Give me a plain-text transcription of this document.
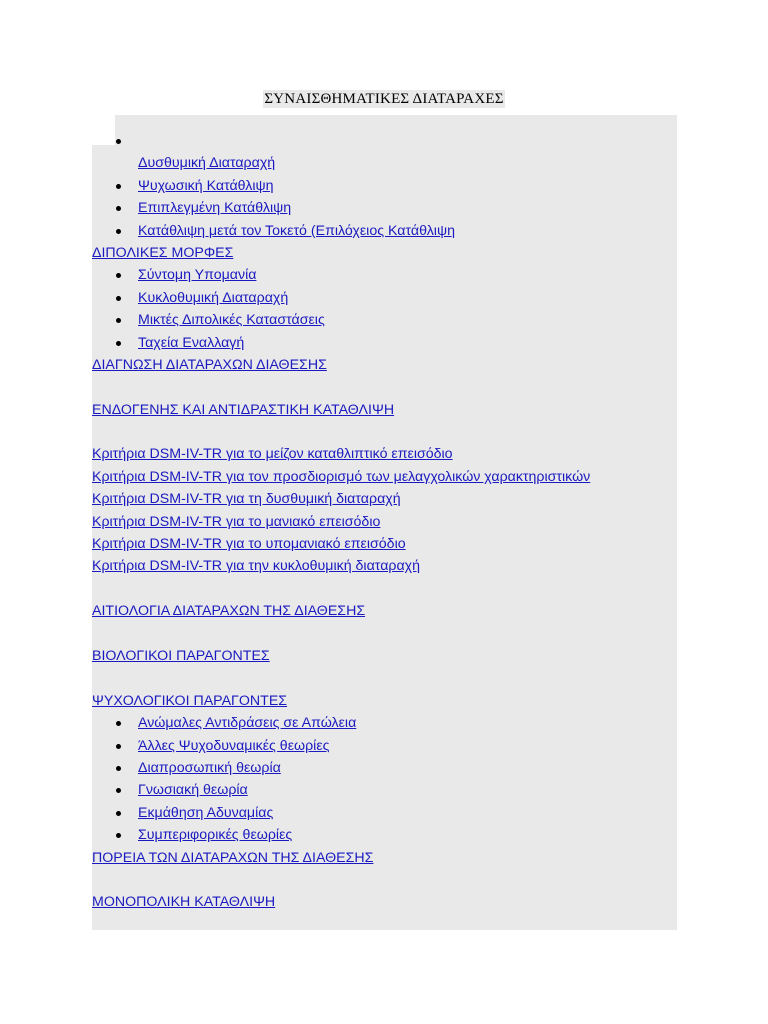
ΣΥΝΑΙΣΘΗΜΑΤΙΚΕΣ ΔΙΑΤΑΡΑΧΕΣ
Δυσθυμική Διαταραχή
Ψυχωσική Κατάθλιψη
Επιπλεγμένη Κατάθλιψη
Κατάθλιψη μετά τον Τοκετό (Επιλόχειος Κατάθλιψη
ΔΙΠΟΛΙΚΕΣ ΜΟΡΦΕΣ
Σύντομη Υπομανία
Κυκλοθυμική Διαταραχή
Μικτές Διπολικές Καταστάσεις
Ταχεία Εναλλαγή
ΔΙΑΓΝΩΣΗ ΔΙΑΤΑΡΑΧΩΝ ΔΙΑΘΕΣΗΣ
ΕΝΔΟΓΕΝΗΣ ΚΑΙ ΑΝΤΙΔΡΑΣΤΙΚΗ ΚΑΤΑΘΛΙΨΗ
Κριτήρια DSM-IV-TR για το μείζον καταθλιπτικό επεισόδιο
Κριτήρια DSM-IV-TR για τον προσδιορισμό των μελαγχολικών χαρακτηριστικών
Κριτήρια DSM-IV-TR για τη δυσθυμική διαταραχή
Κριτήρια DSM-IV-TR για το μανιακό επεισόδιο
Κριτήρια DSM-IV-TR για το υπομανιακό επεισόδιο
Κριτήρια DSM-IV-TR για την κυκλοθυμική διαταραχή
ΑΙΤΙΟΛΟΓΙΑ ΔΙΑΤΑΡΑΧΩΝ ΤΗΣ ΔΙΑΘΕΣΗΣ
ΒΙΟΛΟΓΙΚΟΙ ΠΑΡΑΓΟΝΤΕΣ
ΨΥΧΟΛΟΓΙΚΟΙ ΠΑΡΑΓΟΝΤΕΣ
Ανώμαλες Αντιδράσεις σε Απώλεια
Άλλες Ψυχοδυναμικές θεωρίες
Διαπροσωπική θεωρία
Γνωσιακή θεωρία
Εκμάθηση Αδυναμίας
Συμπεριφορικές θεωρίες
ΠΟΡΕΙΑ ΤΩΝ ΔΙΑΤΑΡΑΧΩΝ ΤΗΣ ΔΙΑΘΕΣΗΣ
ΜΟΝΟΠΟΛΙΚΗ ΚΑΤΑΘΛΙΨΗ
